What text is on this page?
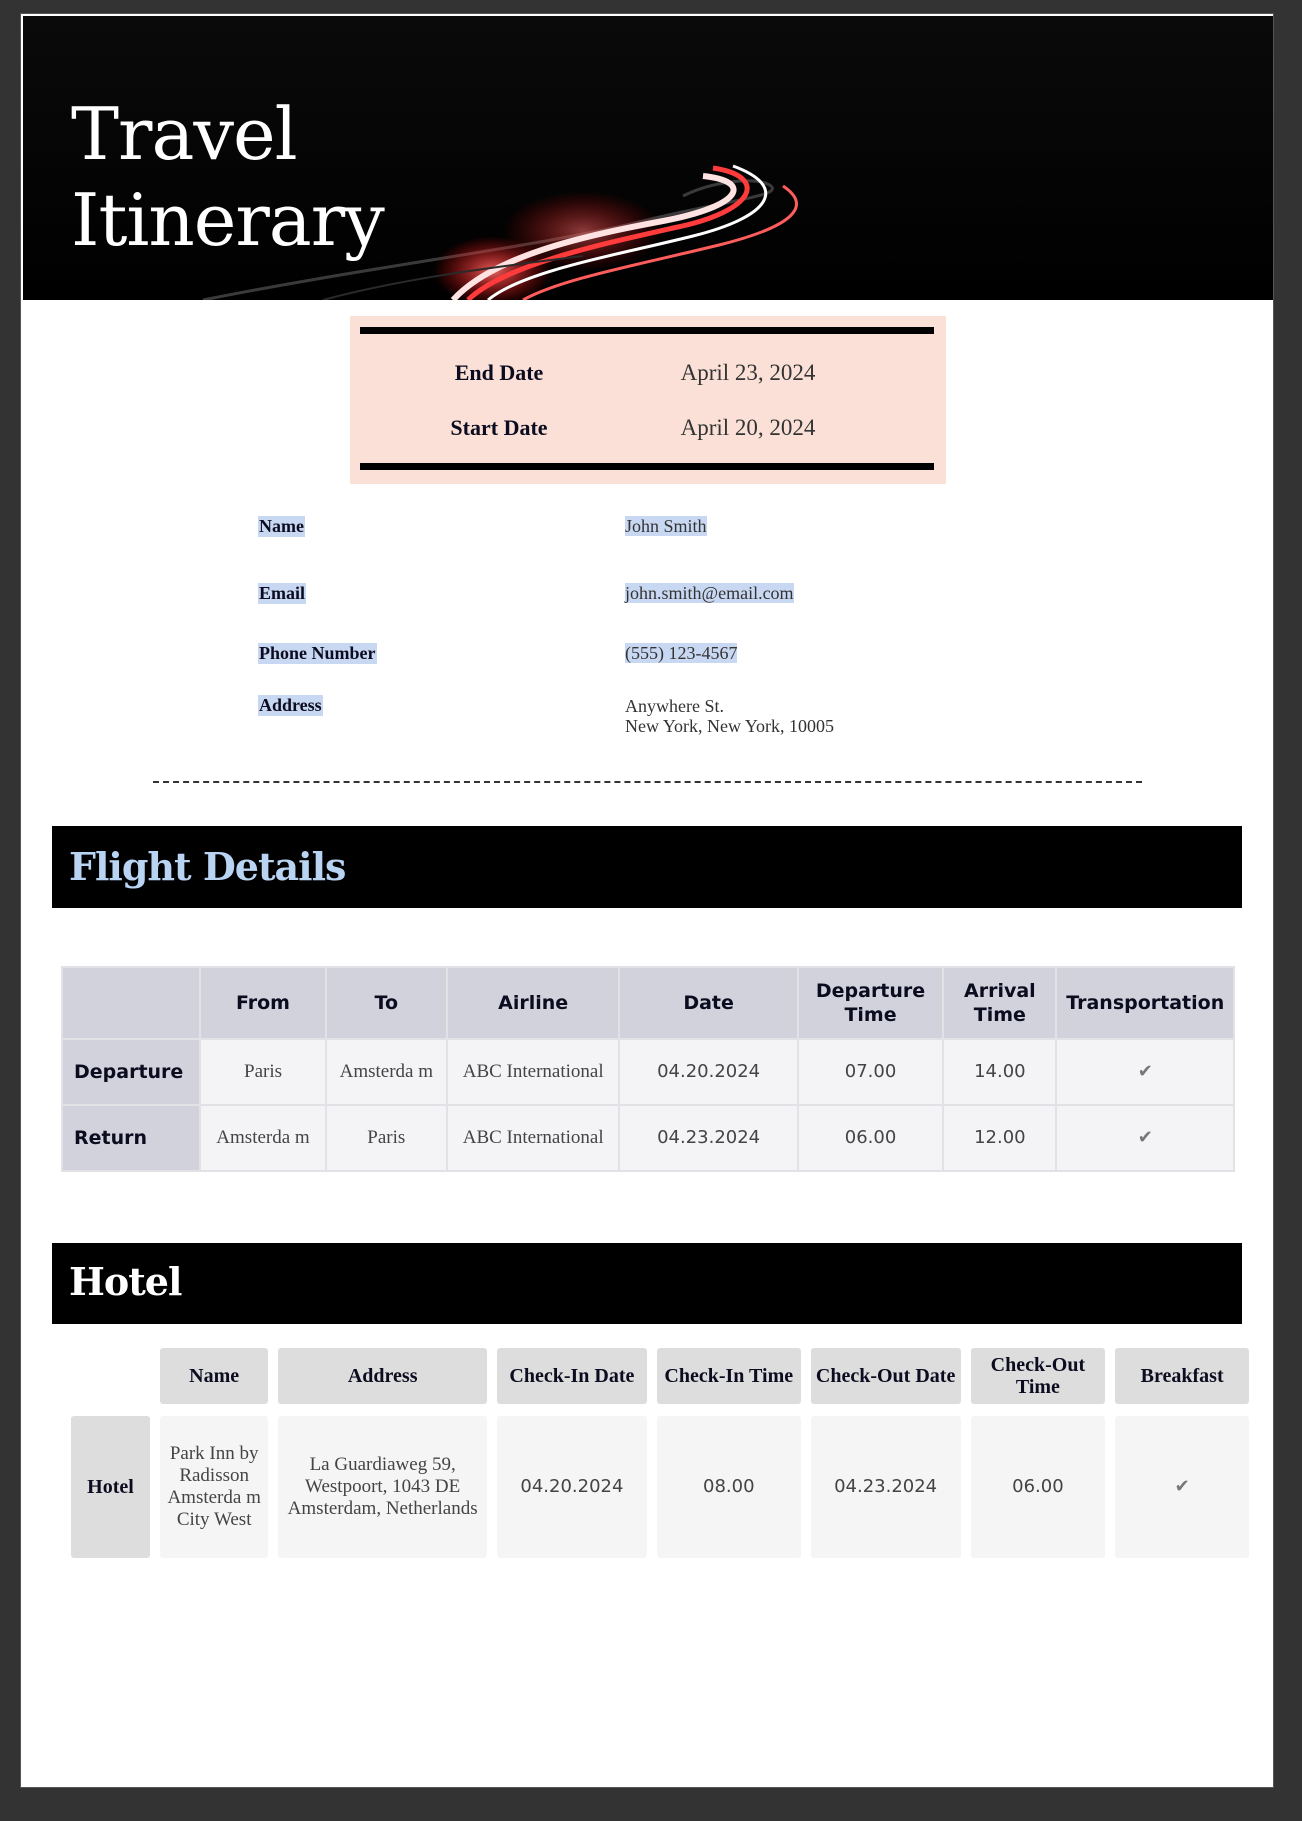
Travel
Itinerary
End Date	April 23, 2024
Start Date	April 20, 2024
Name	John Smith
Email	john.smith@email.com
Phone Number	(555) 123-4567
Address	Anywhere St.
New York, New York, 10005
Flight Details
	From	To	Airline	Date	Departure Time	Arrival Time	Transportation
Departure	Paris	Amsterda m	ABC International	04.20.2024	07.00	14.00	✔
Return	Amsterda m	Paris	ABC International	04.23.2024	06.00	12.00	✔
Hotel
	Name	Address	Check-In Date	Check-In Time	Check-Out Date	Check-Out Time	Breakfast
Hotel	Park Inn by Radisson Amsterda m City West	La Guardiaweg 59, Westpoort, 1043 DE Amsterdam, Netherlands	04.20.2024	08.00	04.23.2024	06.00	✔
